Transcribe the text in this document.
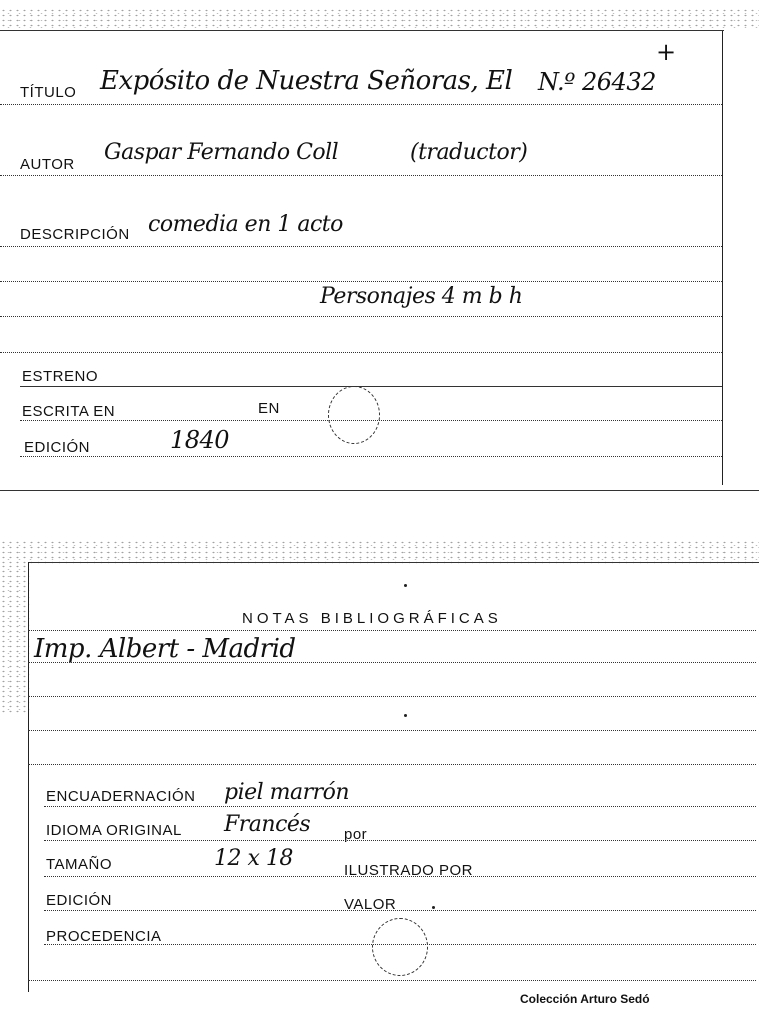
TÍTULO Expósito de Nuestra Señoras, El N.º 26432
+
AUTOR Gaspar Fernando Coll	(traductor)
DESCRIPCIÓN comedia en 1 acto
Personajes 4 m b h
ESTRENO
ESCRITA EN	EN
EDICIÓN	1840
NOTAS BIBLIOGRÁFICAS
Imp. Albert - Madrid
ENCUADERNACIÓN piel marrón
IDIOMA ORIGINAL Francés por
TAMAÑO	12 x 18	ILUSTRADO POR
EDICIÓN	VALOR
PROCEDENCIA
Colección Arturo Sedó
